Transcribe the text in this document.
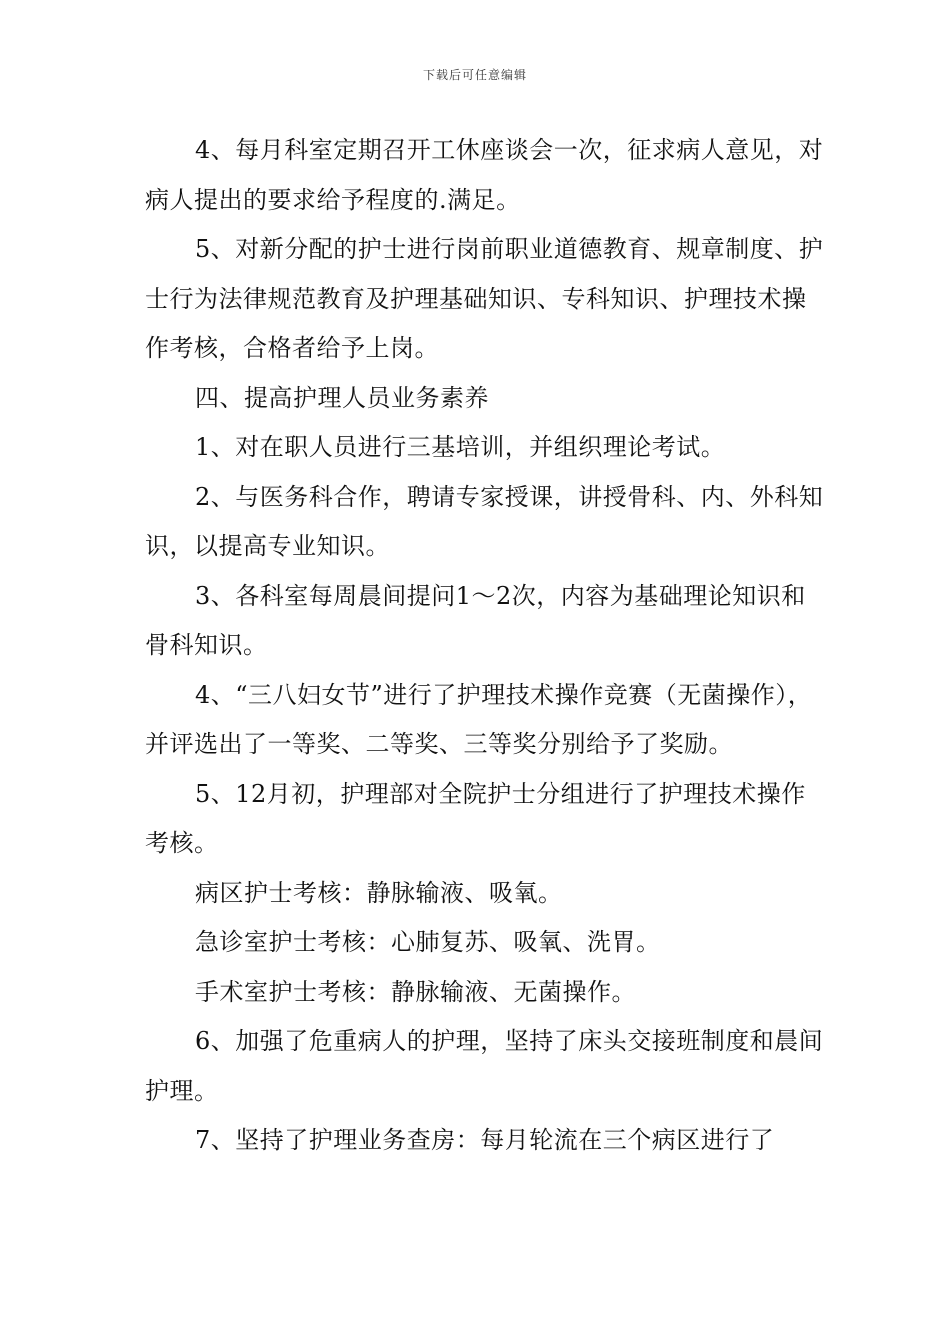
下载后可任意编辑

4、每月科室定期召开工休座谈会一次，征求病人意见，对病人提出的要求给予程度的.满足。

5、对新分配的护士进行岗前职业道德教育、规章制度、护士行为法律规范教育及护理基础知识、专科知识、护理技术操作考核，合格者给予上岗。

四、提高护理人员业务素养

1、对在职人员进行三基培训，并组织理论考试。

2、与医务科合作，聘请专家授课，讲授骨科、内、外科知识，以提高专业知识。

3、各科室每周晨间提问1～2次，内容为基础理论知识和骨科知识。

4、“三八妇女节”进行了护理技术操作竞赛（无菌操作），并评选出了一等奖、二等奖、三等奖分别给予了奖励。

5、12月初，护理部对全院护士分组进行了护理技术操作考核。

病区护士考核：静脉输液、吸氧。

急诊室护士考核：心肺复苏、吸氧、洗胃。

手术室护士考核：静脉输液、无菌操作。

6、加强了危重病人的护理，坚持了床头交接班制度和晨间护理。

7、坚持了护理业务查房：每月轮流在三个病区进行了
